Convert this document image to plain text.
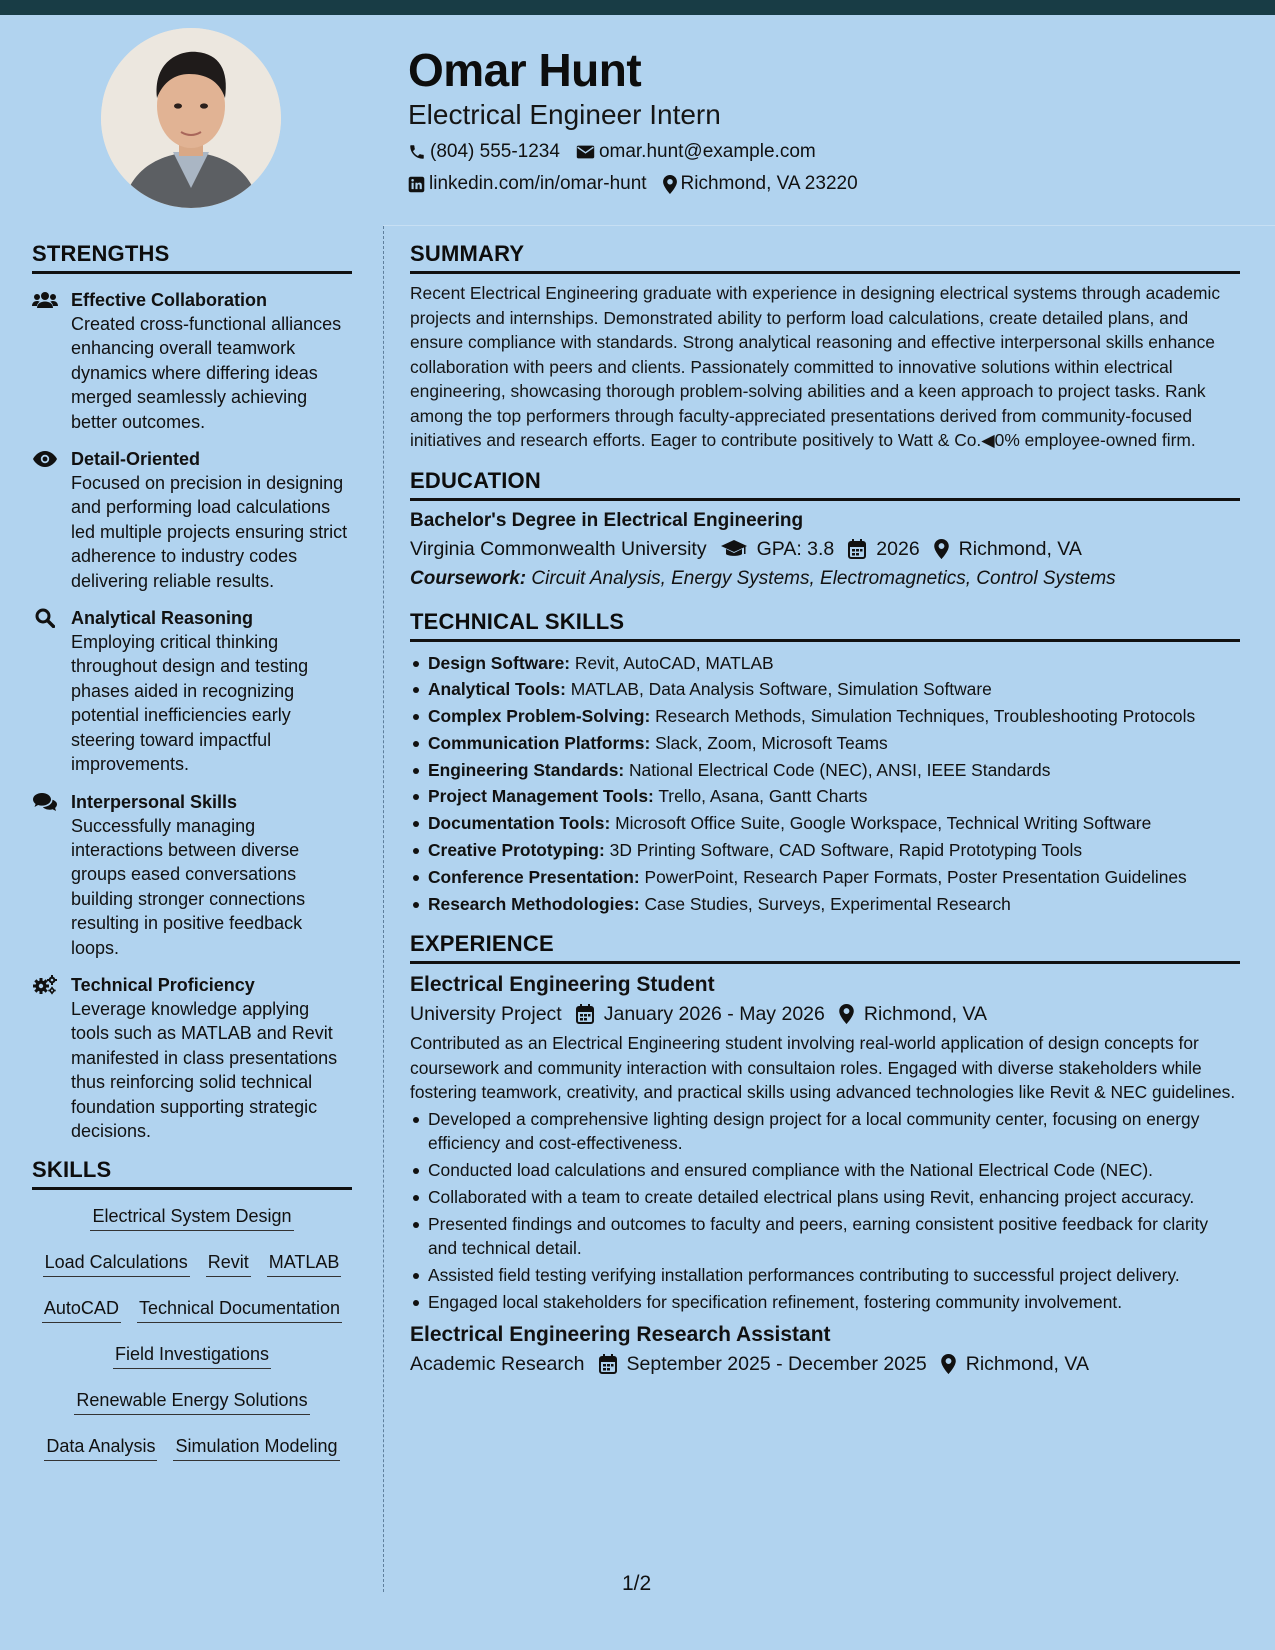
Omar Hunt
Electrical Engineer Intern
(804) 555-1234 omar.hunt@example.com
linkedin.com/in/omar-hunt Richmond, VA 23220
STRENGTHS
Effective Collaboration
Created cross-functional alliances enhancing overall teamwork dynamics where differing ideas merged seamlessly achieving better outcomes.
Detail-Oriented
Focused on precision in designing and performing load calculations led multiple projects ensuring strict adherence to industry codes delivering reliable results.
Analytical Reasoning
Employing critical thinking throughout design and testing phases aided in recognizing potential inefficiencies early steering toward impactful improvements.
Interpersonal Skills
Successfully managing interactions between diverse groups eased conversations building stronger connections resulting in positive feedback loops.
Technical Proficiency
Leverage knowledge applying tools such as MATLAB and Revit manifested in class presentations thus reinforcing solid technical foundation supporting strategic decisions.
SKILLS
Electrical System Design
Load Calculations Revit MATLAB
AutoCAD Technical Documentation
Field Investigations
Renewable Energy Solutions
Data Analysis Simulation Modeling
SUMMARY
Recent Electrical Engineering graduate with experience in designing electrical systems through academic projects and internships. Demonstrated ability to perform load calculations, create detailed plans, and ensure compliance with standards. Strong analytical reasoning and effective interpersonal skills enhance collaboration with peers and clients. Passionately committed to innovative solutions within electrical engineering, showcasing thorough problem-solving abilities and a keen approach to project tasks. Rank among the top performers through faculty-appreciated presentations derived from community-focused initiatives and research efforts. Eager to contribute positively to Watt & Co.◀0% employee-owned firm.
EDUCATION
Bachelor's Degree in Electrical Engineering
Virginia Commonwealth University	GPA: 3.8 2026 Richmond, VA
Coursework: Circuit Analysis, Energy Systems, Electromagnetics, Control Systems
TECHNICAL SKILLS
Design Software: Revit, AutoCAD, MATLAB
Analytical Tools: MATLAB, Data Analysis Software, Simulation Software
Complex Problem-Solving: Research Methods, Simulation Techniques, Troubleshooting Protocols
Communication Platforms: Slack, Zoom, Microsoft Teams
Engineering Standards: National Electrical Code (NEC), ANSI, IEEE Standards
Project Management Tools: Trello, Asana, Gantt Charts
Documentation Tools: Microsoft Office Suite, Google Workspace, Technical Writing Software
Creative Prototyping: 3D Printing Software, CAD Software, Rapid Prototyping Tools
Conference Presentation: PowerPoint, Research Paper Formats, Poster Presentation Guidelines
Research Methodologies: Case Studies, Surveys, Experimental Research
EXPERIENCE
Electrical Engineering Student
University Project January 2026 - May 2026 Richmond, VA
Contributed as an Electrical Engineering student involving real-world application of design concepts for coursework and community interaction with consultaion roles. Engaged with diverse stakeholders while fostering teamwork, creativity, and practical skills using advanced technologies like Revit & NEC guidelines.
Developed a comprehensive lighting design project for a local community center, focusing on energy efficiency and cost-effectiveness.
Conducted load calculations and ensured compliance with the National Electrical Code (NEC).
Collaborated with a team to create detailed electrical plans using Revit, enhancing project accuracy.
Presented findings and outcomes to faculty and peers, earning consistent positive feedback for clarity and technical detail.
Assisted field testing verifying installation performances contributing to successful project delivery.
Engaged local stakeholders for specification refinement, fostering community involvement.
Electrical Engineering Research Assistant
Academic Research September 2025 - December 2025 Richmond, VA
1/2
